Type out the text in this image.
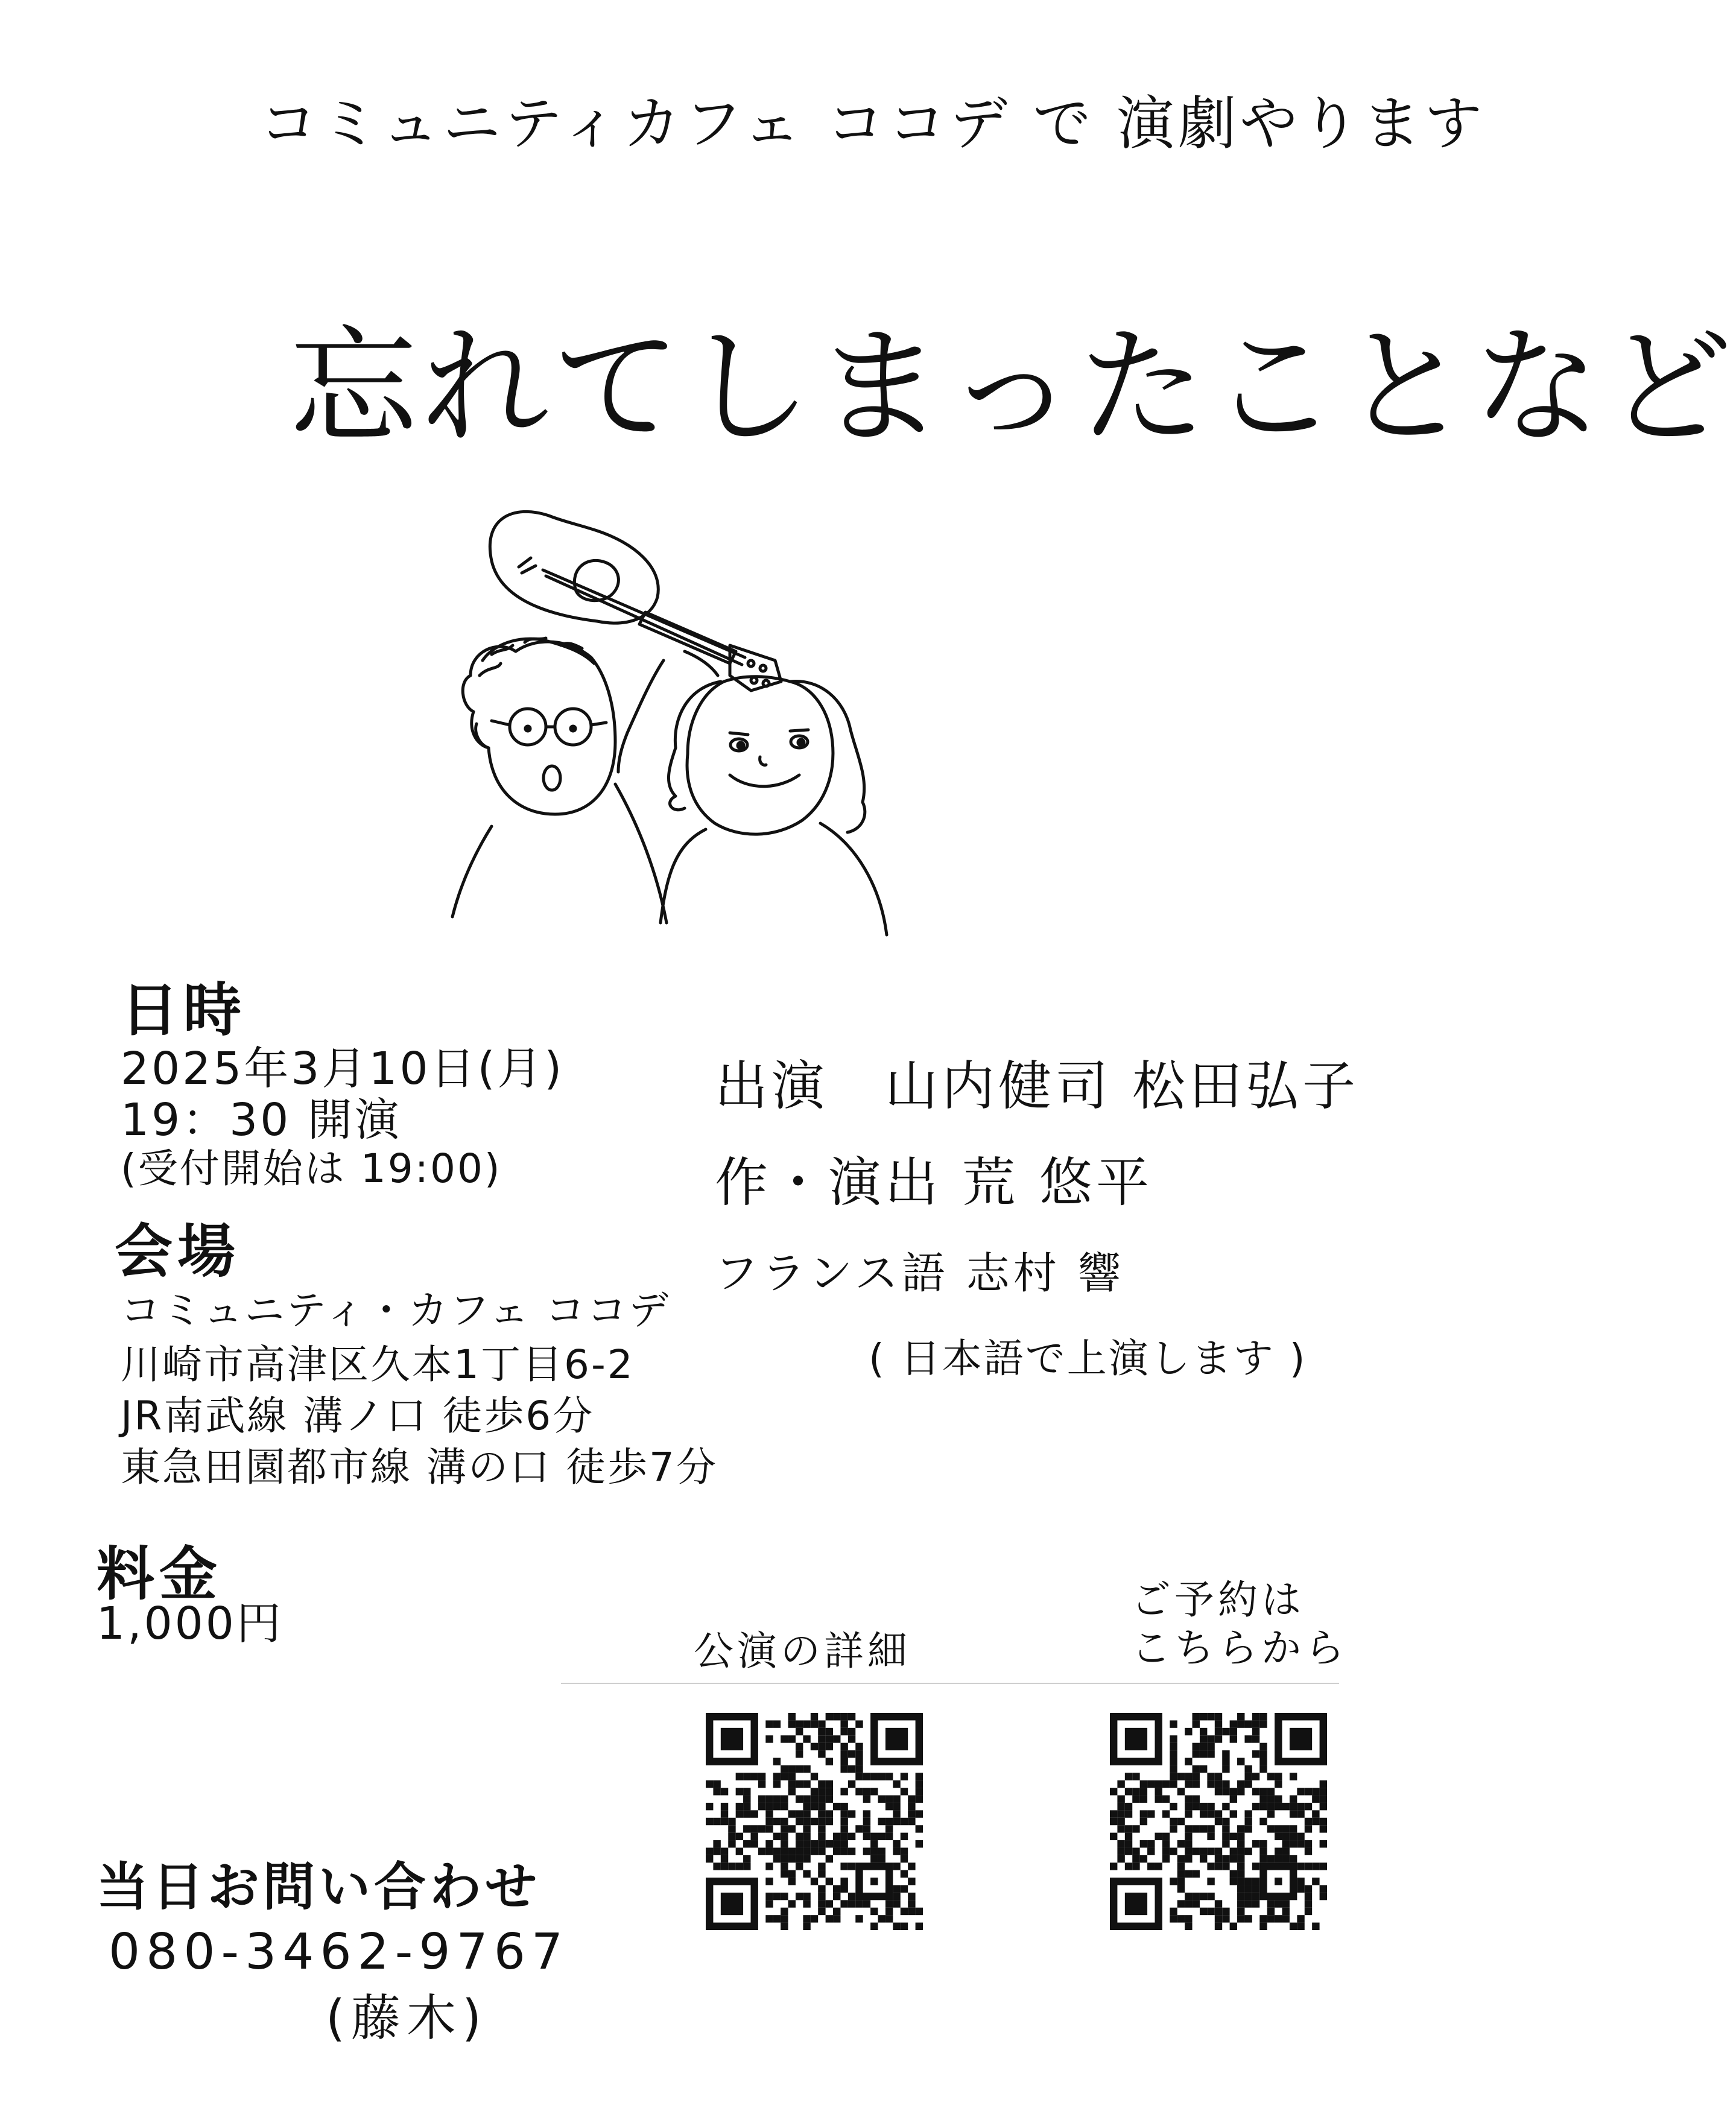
コミュニティカフェ ココデ で 演劇やります
忘れてしまったことなど
日時
2025年3月10日(月)
19：30 開演
(受付開始は 19:00)
会場
コミュニティ・カフェ ココデ
川崎市高津区久本1丁目6-2
JR南武線 溝ノ口 徒歩6分
東急田園都市線 溝の口 徒歩7分
料金
1,000円
出演　山内健司 松田弘子
作・演出 荒 悠平
フランス語 志村 響
( 日本語で上演します )
公演の詳細
ご予約は
こちらから
当日お問い合わせ
080-3462-9767
(藤木)
